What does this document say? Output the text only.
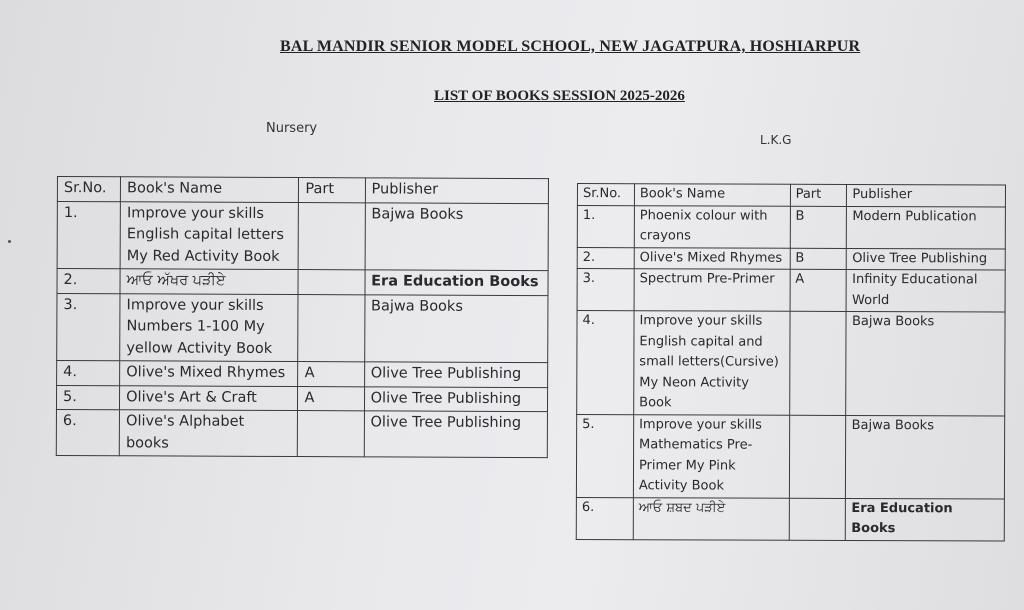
BAL MANDIR SENIOR MODEL SCHOOL, NEW JAGATPURA, HOSHIARPUR
LIST OF BOOKS SESSION 2025-2026
Nursery
L.K.G
Sr.No.	Book's Name	Part	Publisher
1.	Improve your skills English capital letters My Red Activity Book		Bajwa Books
2.	ਆਓ ਅੱਖਰ ਪੜੀਏ		Era Education Books
3.	Improve your skills Numbers 1-100 My yellow Activity Book		Bajwa Books
4.	Olive's Mixed Rhymes	A	Olive Tree Publishing
5.	Olive's Art & Craft	A	Olive Tree Publishing
6.	Olive's Alphabet books		Olive Tree Publishing
Sr.No.	Book's Name	Part	Publisher
1.	Phoenix colour with crayons	B	Modern Publication
2.	Olive's Mixed Rhymes	B	Olive Tree Publishing
3.	Spectrum Pre-Primer	A	Infinity Educational World
4.	Improve your skills English capital and small letters(Cursive) My Neon Activity Book		Bajwa Books
5.	Improve your skills Mathematics Pre-Primer My Pink Activity Book		Bajwa Books
6.	ਆਓ ਸ਼ਬਦ ਪੜੀਏ		Era Education Books
